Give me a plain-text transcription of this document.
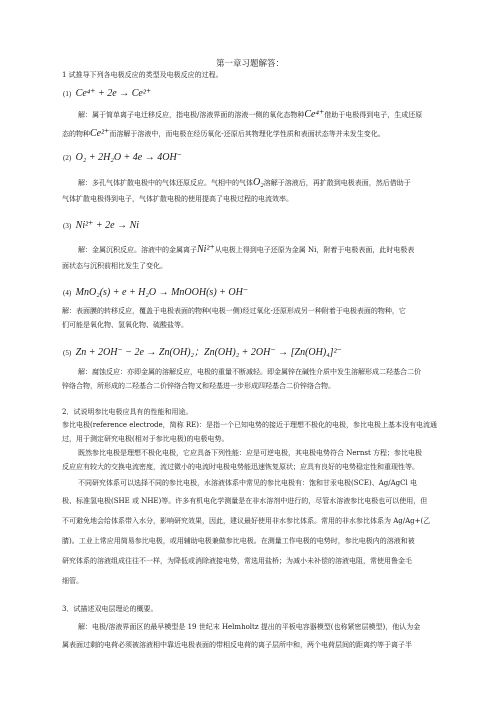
第一章习题解答：
1 试推导下列各电极反应的类型及电极反应的过程。
(1) Ce⁴⁺ + 2e → Ce²⁺

解：属于简单离子电迁移反应，指电极/溶液界面的溶液一侧的氧化态物种Ce⁴⁺借助于电极得到电子，生成还原

态的物种Ce²⁺而溶解于溶液中，而电极在经历氧化-还原后其物理化学性质和表面状态等并未发生变化。

(2) O₂ + 2H₂O + 4e → 4OH⁻

解：多孔气体扩散电极中的气体还原反应。气相中的气体O₂溶解于溶液后，再扩散到电极表面，然后借助于

气体扩散电极得到电子，气体扩散电极的使用提高了电极过程的电流效率。

(3) Ni²⁺ + 2e → Ni

解：金属沉积反应。溶液中的金属离子Ni²⁺从电极上得到电子还原为金属 Ni，附着于电极表面，此时电极表

面状态与沉积前相比发生了变化。

(4) MnO₂(s) + e + H₂O → MnOOH(s) + OH⁻

解：表面膜的转移反应，覆盖于电极表面的物种(电极一侧)经过氧化-还原形成另一种附着于电极表面的物种，它

们可能是氧化物、氢氧化物、硫酸盐等。

(5) Zn + 2OH⁻ − 2e → Zn(OH)₂；Zn(OH)₂ + 2OH⁻ → [Zn(OH)₄]²⁻

解：腐蚀反应：亦即金属的溶解反应，电极的重量不断减轻。即金属锌在碱性介质中发生溶解形成二羟基合二价

锌络合物，所形成的二羟基合二价锌络合物又和羟基进一步形成四羟基合二价锌络合物。

2．试说明参比电极应具有的性能和用途。

参比电极(reference electrode，简称 RE)：是指一个已知电势的接近于理想不极化的电极，参比电极上基本没有电流通

过，用于测定研究电极(相对于参比电极)的电极电势。

既然参比电极是理想不极化电极，它应具备下列性能：应是可逆电极，其电极电势符合 Nernst 方程；参比电极

反应应有较大的交换电流密度，流过微小的电流时电极电势能迅速恢复原状；应具有良好的电势稳定性和重现性等。

不同研究体系可以选择不同的参比电极，水溶液体系中常见的参比电极有：饱和甘汞电极(SCE)、Ag/AgCl 电

极、标准氢电极(SHE 或 NHE)等。许多有机电化学测量是在非水溶剂中进行的，尽管水溶液参比电极也可以使用，但

不可避免地会给体系带入水分，影响研究效果，因此，建议最好使用非水参比体系。常用的非水参比体系为 Ag/Ag+(乙

腈)。工业上常应用简易参比电极，或用辅助电极兼做参比电极。在测量工作电极的电势时，参比电极内的溶液和被

研究体系的溶液组成往往不一样，为降低或消除液接电势，常选用盐桥；为减小未补偿的溶液电阻，常使用鲁金毛

细管。

3．试描述双电层理论的概要。

解：电极/溶液界面区的最早模型是 19 世纪末 Helmholtz 提出的平板电容器模型(也称紧密层模型)，他认为金

属表面过剩的电荷必须被溶液相中靠近电极表面的带相反电荷的离子层所中和，两个电荷层间的距离约等于离子半
